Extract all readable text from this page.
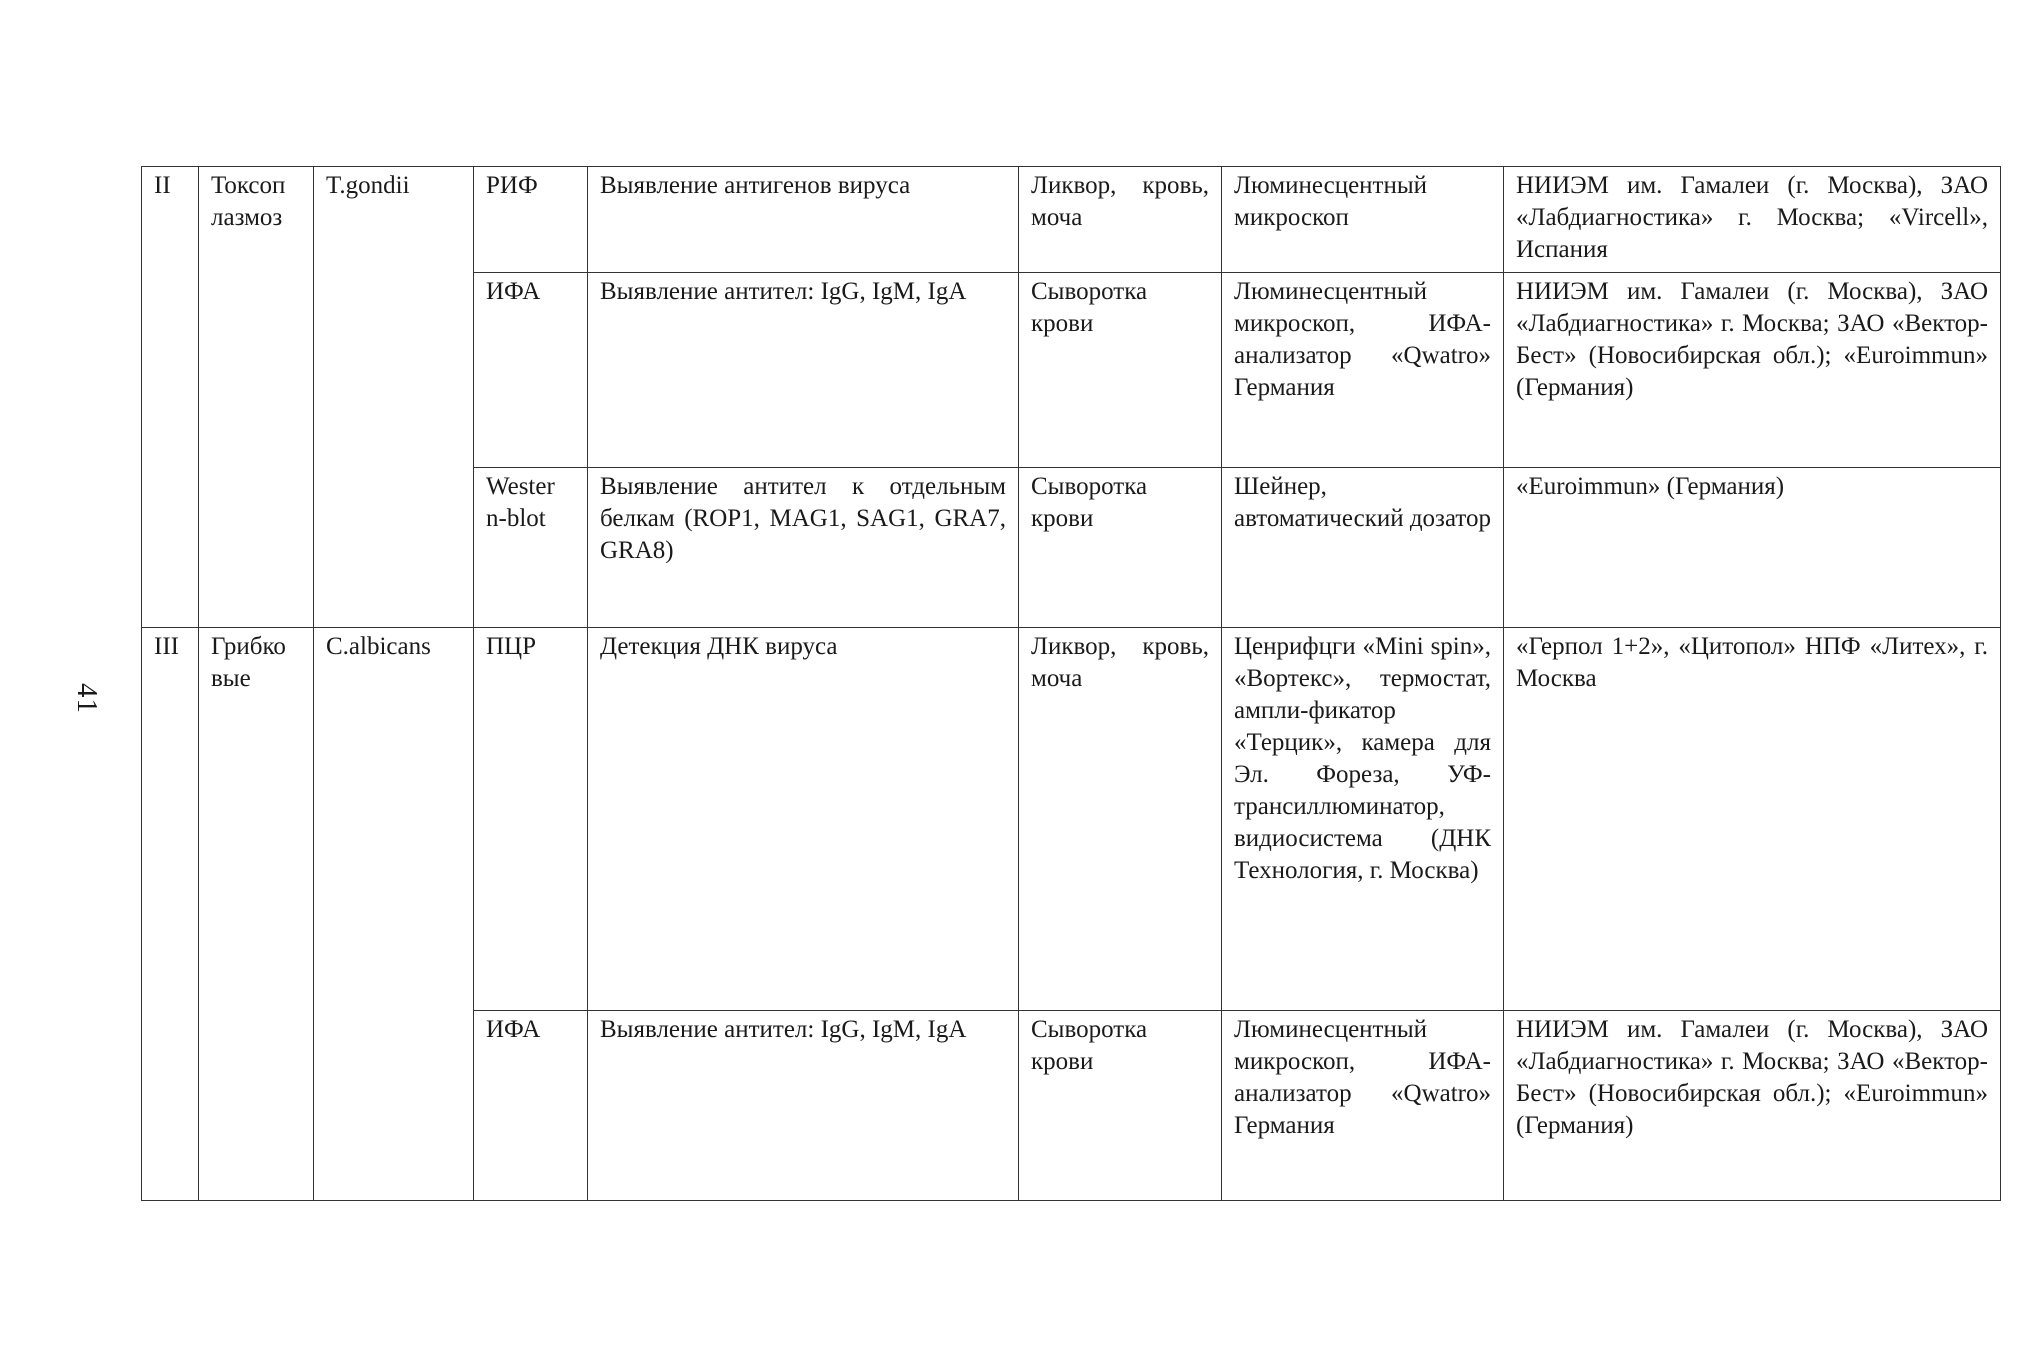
41
II	Токсоп лазмоз	T.gondii	РИФ	Выявление антигенов вируса	Ликвор, кровь, моча	Люминесцентный микроскоп	НИИЭМ им. Гамалеи (г. Москва), ЗАО «Лабдиагностика» г. Москва; «Vircell», Испания
			ИФА	Выявление антител: IgG, IgM, IgA	Сыворотка крови	Люминесцентный микроскоп, ИФА-анализатор «Qwatro» Германия	НИИЭМ им. Гамалеи (г. Москва), ЗАО «Лабдиагностика» г. Москва; ЗАО «Вектор-Бест» (Новосибирская обл.); «Euroimmun» (Германия)
			Wester n-blot	Выявление антител к отдельным белкам (ROP1, MAG1, SAG1, GRA7, GRA8)	Сыворотка крови	Шейнер, автоматический дозатор	«Euroimmun» (Германия)
III	Грибко вые	C.albicans	ПЦР	Детекция ДНК вируса	Ликвор, кровь, моча	Ценрифцги «Mini spin», «Вортекс», термостат, ампли-фикатор «Терцик», камера для Эл. Фореза, УФ-трансиллюминатор, видиосистема (ДНК Технология, г. Москва)	«Герпол 1+2», «Цитопол» НПФ «Литех», г. Москва
			ИФА	Выявление антител: IgG, IgM, IgA	Сыворотка крови	Люминесцентный микроскоп, ИФА-анализатор «Qwatro» Германия	НИИЭМ им. Гамалеи (г. Москва), ЗАО «Лабдиагностика» г. Москва; ЗАО «Вектор-Бест» (Новосибирская обл.); «Euroimmun» (Германия)
